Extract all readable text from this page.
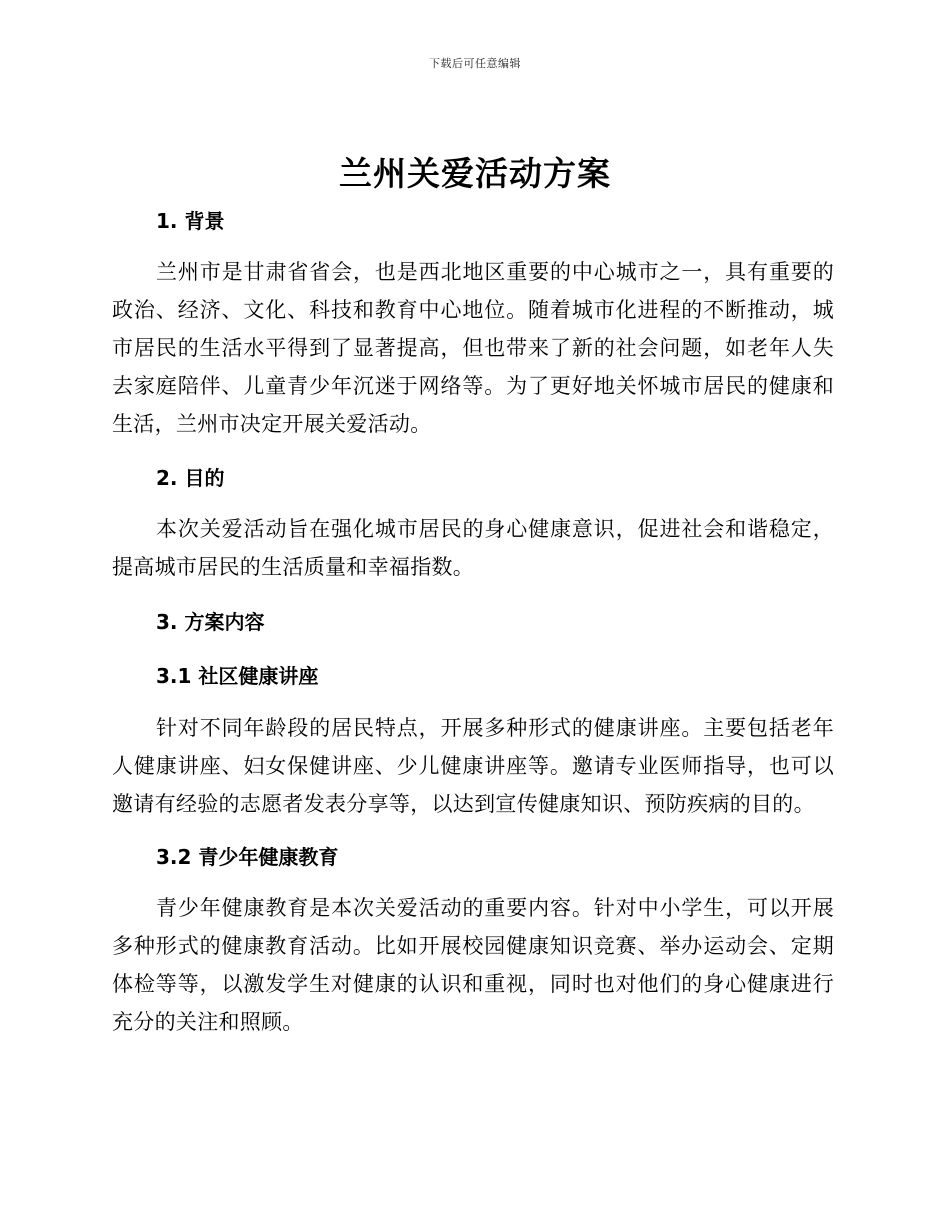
下载后可任意编辑
兰州关爱活动方案
1. 背景

兰州市是甘肃省省会，也是西北地区重要的中心城市之一，具有重要的政治、经济、文化、科技和教育中心地位。随着城市化进程的不断推动，城市居民的生活水平得到了显著提高，但也带来了新的社会问题，如老年人失去家庭陪伴、儿童青少年沉迷于网络等。为了更好地关怀城市居民的健康和生活，兰州市决定开展关爱活动。

2. 目的

本次关爱活动旨在强化城市居民的身心健康意识，促进社会和谐稳定，提高城市居民的生活质量和幸福指数。

3. 方案内容
3.1 社区健康讲座

针对不同年龄段的居民特点，开展多种形式的健康讲座。主要包括老年人健康讲座、妇女保健讲座、少儿健康讲座等。邀请专业医师指导，也可以邀请有经验的志愿者发表分享等，以达到宣传健康知识、预防疾病的目的。

3.2 青少年健康教育

青少年健康教育是本次关爱活动的重要内容。针对中小学生，可以开展多种形式的健康教育活动。比如开展校园健康知识竞赛、举办运动会、定期体检等等，以激发学生对健康的认识和重视，同时也对他们的身心健康进行充分的关注和照顾。
